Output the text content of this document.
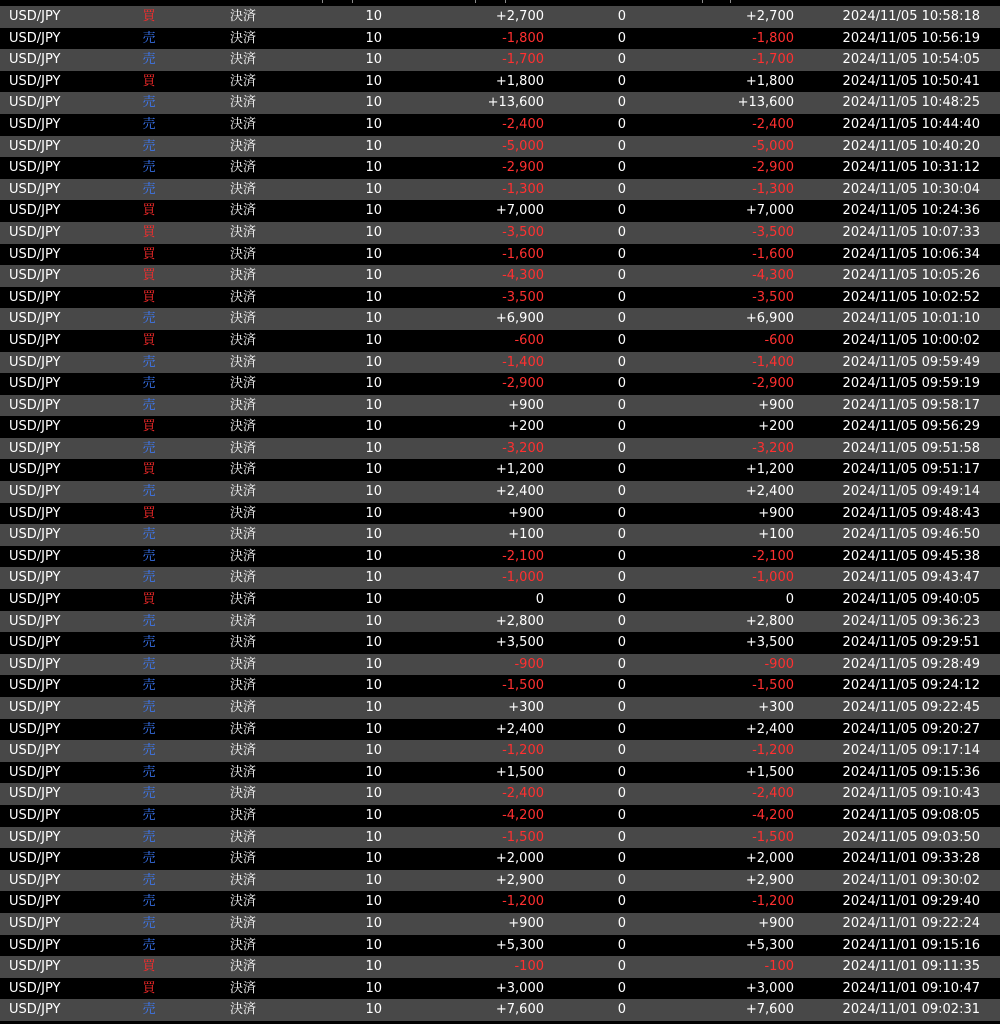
USD/JPY	買	決済	10	+2,700	0	+2,700	2024/11/05 10:58:18
USD/JPY	売	決済	10	-1,800	0	-1,800	2024/11/05 10:56:19
USD/JPY	売	決済	10	-1,700	0	-1,700	2024/11/05 10:54:05
USD/JPY	買	決済	10	+1,800	0	+1,800	2024/11/05 10:50:41
USD/JPY	売	決済	10	+13,600	0	+13,600	2024/11/05 10:48:25
USD/JPY	売	決済	10	-2,400	0	-2,400	2024/11/05 10:44:40
USD/JPY	売	決済	10	-5,000	0	-5,000	2024/11/05 10:40:20
USD/JPY	売	決済	10	-2,900	0	-2,900	2024/11/05 10:31:12
USD/JPY	売	決済	10	-1,300	0	-1,300	2024/11/05 10:30:04
USD/JPY	買	決済	10	+7,000	0	+7,000	2024/11/05 10:24:36
USD/JPY	買	決済	10	-3,500	0	-3,500	2024/11/05 10:07:33
USD/JPY	買	決済	10	-1,600	0	-1,600	2024/11/05 10:06:34
USD/JPY	買	決済	10	-4,300	0	-4,300	2024/11/05 10:05:26
USD/JPY	買	決済	10	-3,500	0	-3,500	2024/11/05 10:02:52
USD/JPY	売	決済	10	+6,900	0	+6,900	2024/11/05 10:01:10
USD/JPY	買	決済	10	-600	0	-600	2024/11/05 10:00:02
USD/JPY	売	決済	10	-1,400	0	-1,400	2024/11/05 09:59:49
USD/JPY	売	決済	10	-2,900	0	-2,900	2024/11/05 09:59:19
USD/JPY	売	決済	10	+900	0	+900	2024/11/05 09:58:17
USD/JPY	買	決済	10	+200	0	+200	2024/11/05 09:56:29
USD/JPY	売	決済	10	-3,200	0	-3,200	2024/11/05 09:51:58
USD/JPY	買	決済	10	+1,200	0	+1,200	2024/11/05 09:51:17
USD/JPY	売	決済	10	+2,400	0	+2,400	2024/11/05 09:49:14
USD/JPY	買	決済	10	+900	0	+900	2024/11/05 09:48:43
USD/JPY	売	決済	10	+100	0	+100	2024/11/05 09:46:50
USD/JPY	売	決済	10	-2,100	0	-2,100	2024/11/05 09:45:38
USD/JPY	売	決済	10	-1,000	0	-1,000	2024/11/05 09:43:47
USD/JPY	買	決済	10	0	0	0	2024/11/05 09:40:05
USD/JPY	売	決済	10	+2,800	0	+2,800	2024/11/05 09:36:23
USD/JPY	売	決済	10	+3,500	0	+3,500	2024/11/05 09:29:51
USD/JPY	売	決済	10	-900	0	-900	2024/11/05 09:28:49
USD/JPY	売	決済	10	-1,500	0	-1,500	2024/11/05 09:24:12
USD/JPY	売	決済	10	+300	0	+300	2024/11/05 09:22:45
USD/JPY	売	決済	10	+2,400	0	+2,400	2024/11/05 09:20:27
USD/JPY	売	決済	10	-1,200	0	-1,200	2024/11/05 09:17:14
USD/JPY	売	決済	10	+1,500	0	+1,500	2024/11/05 09:15:36
USD/JPY	売	決済	10	-2,400	0	-2,400	2024/11/05 09:10:43
USD/JPY	売	決済	10	-4,200	0	-4,200	2024/11/05 09:08:05
USD/JPY	売	決済	10	-1,500	0	-1,500	2024/11/05 09:03:50
USD/JPY	売	決済	10	+2,000	0	+2,000	2024/11/01 09:33:28
USD/JPY	売	決済	10	+2,900	0	+2,900	2024/11/01 09:30:02
USD/JPY	売	決済	10	-1,200	0	-1,200	2024/11/01 09:29:40
USD/JPY	売	決済	10	+900	0	+900	2024/11/01 09:22:24
USD/JPY	売	決済	10	+5,300	0	+5,300	2024/11/01 09:15:16
USD/JPY	買	決済	10	-100	0	-100	2024/11/01 09:11:35
USD/JPY	買	決済	10	+3,000	0	+3,000	2024/11/01 09:10:47
USD/JPY	売	決済	10	+7,600	0	+7,600	2024/11/01 09:02:31
